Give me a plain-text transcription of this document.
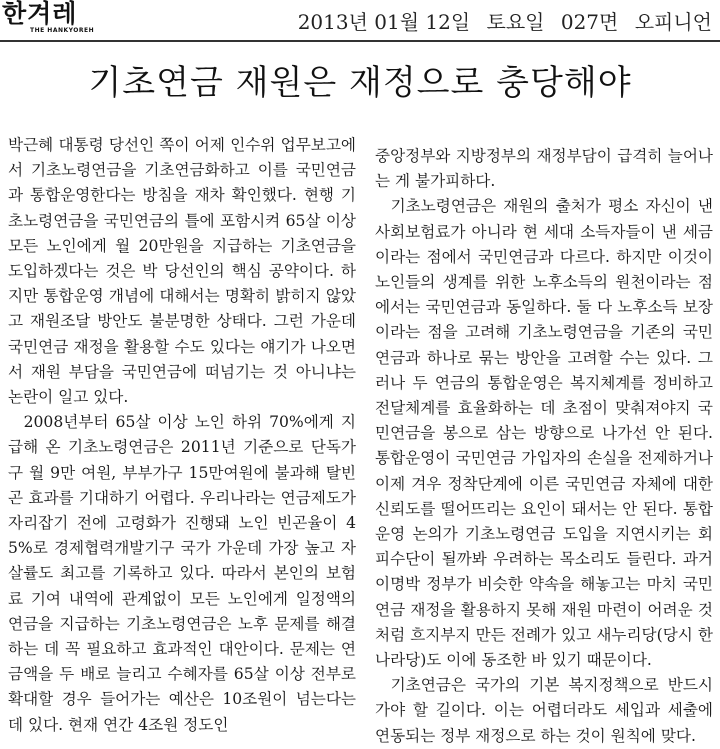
한겨레
THE HANKYOREH	2013년 01월 12일 토요일 027면 오피니언
기초연금 재원은 재정으로 충당해야

박근혜 대통령 당선인 쪽이 어제 인수위 업무보고에서 기초노령연금을 기초연금화하고 이를 국민연금과 통합운영한다는 방침을 재차 확인했다. 현행 기초노령연금을 국민연금의 틀에 포함시켜 65살 이상 모든 노인에게 월 20만원을 지급하는 기초연금을 도입하겠다는 것은 박 당선인의 핵심 공약이다. 하지만 통합운영 개념에 대해서는 명확히 밝히지 않았고 재원조달 방안도 불분명한 상태다. 그런 가운데 국민연금 재정을 활용할 수도 있다는 얘기가 나오면서 재원 부담을 국민연금에 떠넘기는 것 아니냐는 논란이 일고 있다.

2008년부터 65살 이상 노인 하위 70%에게 지급해 온 기초노령연금은 2011년 기준으로 단독가구 월 9만 여원, 부부가구 15만여원에 불과해 탈빈곤 효과를 기대하기 어렵다. 우리나라는 연금제도가 자리잡기 전에 고령화가 진행돼 노인 빈곤율이 45%로 경제협력개발기구 국가 가운데 가장 높고 자살률도 최고를 기록하고 있다. 따라서 본인의 보험료 기여 내역에 관계없이 모든 노인에게 일정액의 연금을 지급하는 기초노령연금은 노후 문제를 해결하는 데 꼭 필요하고 효과적인 대안이다. 문제는 연금액을 두 배로 늘리고 수혜자를 65살 이상 전부로 확대할 경우 들어가는 예산은 10조원이 넘는다는 데 있다. 현재 연간 4조원 정도인

중앙정부와 지방정부의 재정부담이 급격히 늘어나는 게 불가피하다.

기초노령연금은 재원의 출처가 평소 자신이 낸 사회보험료가 아니라 현 세대 소득자들이 낸 세금이라는 점에서 국민연금과 다르다. 하지만 이것이 노인들의 생계를 위한 노후소득의 원천이라는 점에서는 국민연금과 동일하다. 둘 다 노후소득 보장이라는 점을 고려해 기초노령연금을 기존의 국민연금과 하나로 묶는 방안을 고려할 수는 있다. 그러나 두 연금의 통합운영은 복지체계를 정비하고 전달체계를 효율화하는 데 초점이 맞춰져야지 국민연금을 봉으로 삼는 방향으로 나가선 안 된다. 통합운영이 국민연금 가입자의 손실을 전제하거나 이제 겨우 정착단계에 이른 국민연금 자체에 대한 신뢰도를 떨어뜨리는 요인이 돼서는 안 된다. 통합운영 논의가 기초노령연금 도입을 지연시키는 회피수단이 될까봐 우려하는 목소리도 들린다. 과거 이명박 정부가 비슷한 약속을 해놓고는 마치 국민연금 재정을 활용하지 못해 재원 마련이 어려운 것처럼 흐지부지 만든 전례가 있고 새누리당(당시 한나라당)도 이에 동조한 바 있기 때문이다.

기초연금은 국가의 기본 복지정책으로 반드시 가야 할 길이다. 이는 어렵더라도 세입과 세출에 연동되는 정부 재정으로 하는 것이 원칙에 맞다.
